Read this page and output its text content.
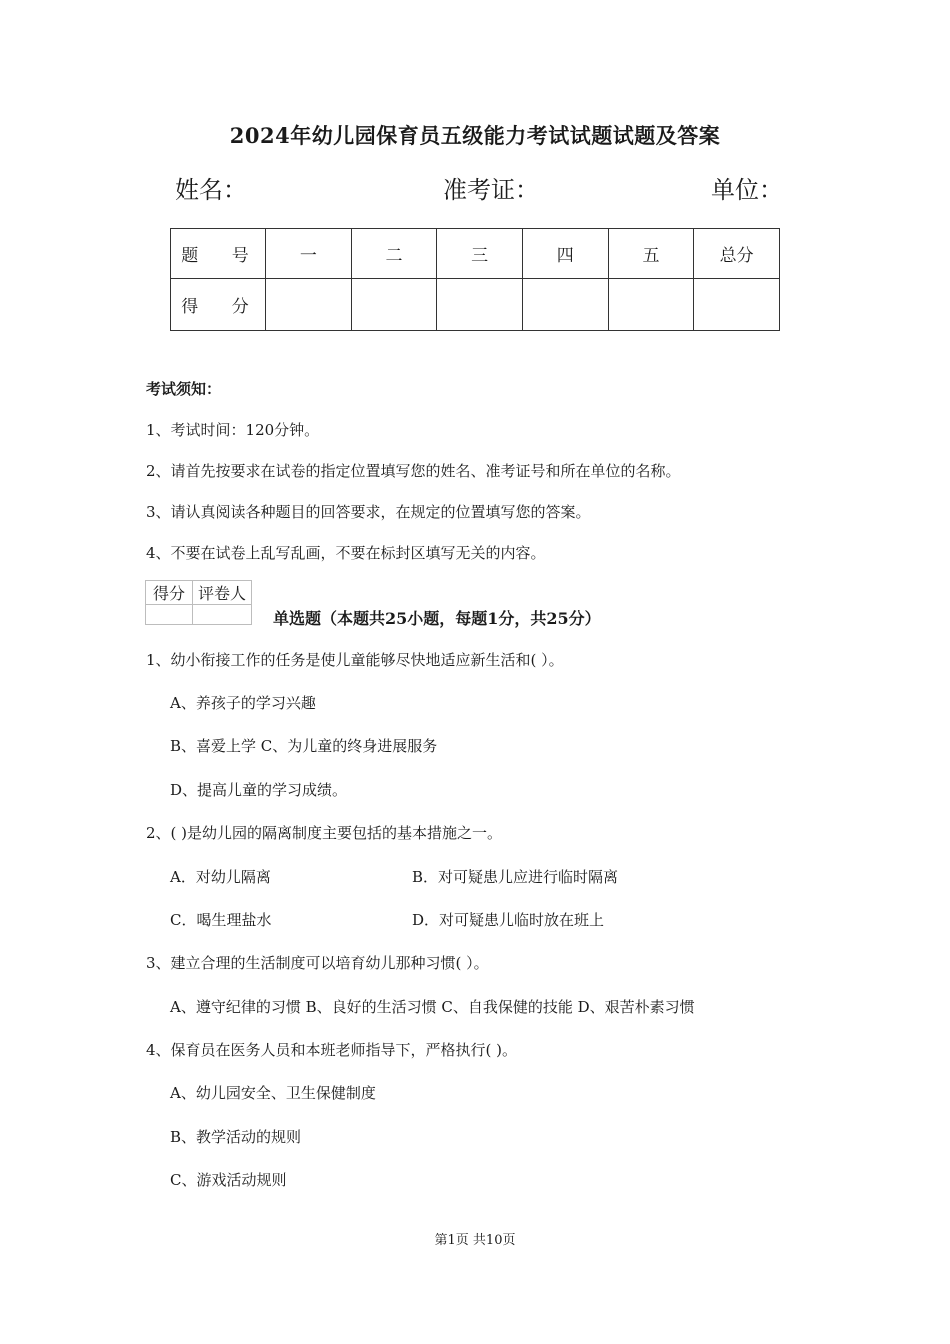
2024年幼儿园保育员五级能力考试试题试题及答案
姓名：	准考证：	单位：
题 号	一	二	三	四	五	总分
得 分						
考试须知：
1、考试时间：120分钟。
2、请首先按要求在试卷的指定位置填写您的姓名、准考证号和所在单位的名称。
3、请认真阅读各种题目的回答要求，在规定的位置填写您的答案。
4、不要在试卷上乱写乱画，不要在标封区填写无关的内容。
得分	评卷人

单选题（本题共25小题，每题1分，共25分）
1、幼小衔接工作的任务是使儿童能够尽快地适应新生活和( ）。
A、养孩子的学习兴趣
B、喜爱上学 C、为儿童的终身进展服务
D、提高儿童的学习成绩。
2、( )是幼儿园的隔离制度主要包括的基本措施之一。
A．对幼儿隔离	B．对可疑患儿应进行临时隔离
C．喝生理盐水	D．对可疑患儿临时放在班上
3、建立合理的生活制度可以培育幼儿那种习惯( ）。
A、遵守纪律的习惯 B、良好的生活习惯 C、自我保健的技能 D、艰苦朴素习惯
4、保育员在医务人员和本班老师指导下，严格执行( )。
A、幼儿园安全、卫生保健制度
B、教学活动的规则
C、游戏活动规则
第1页 共10页
